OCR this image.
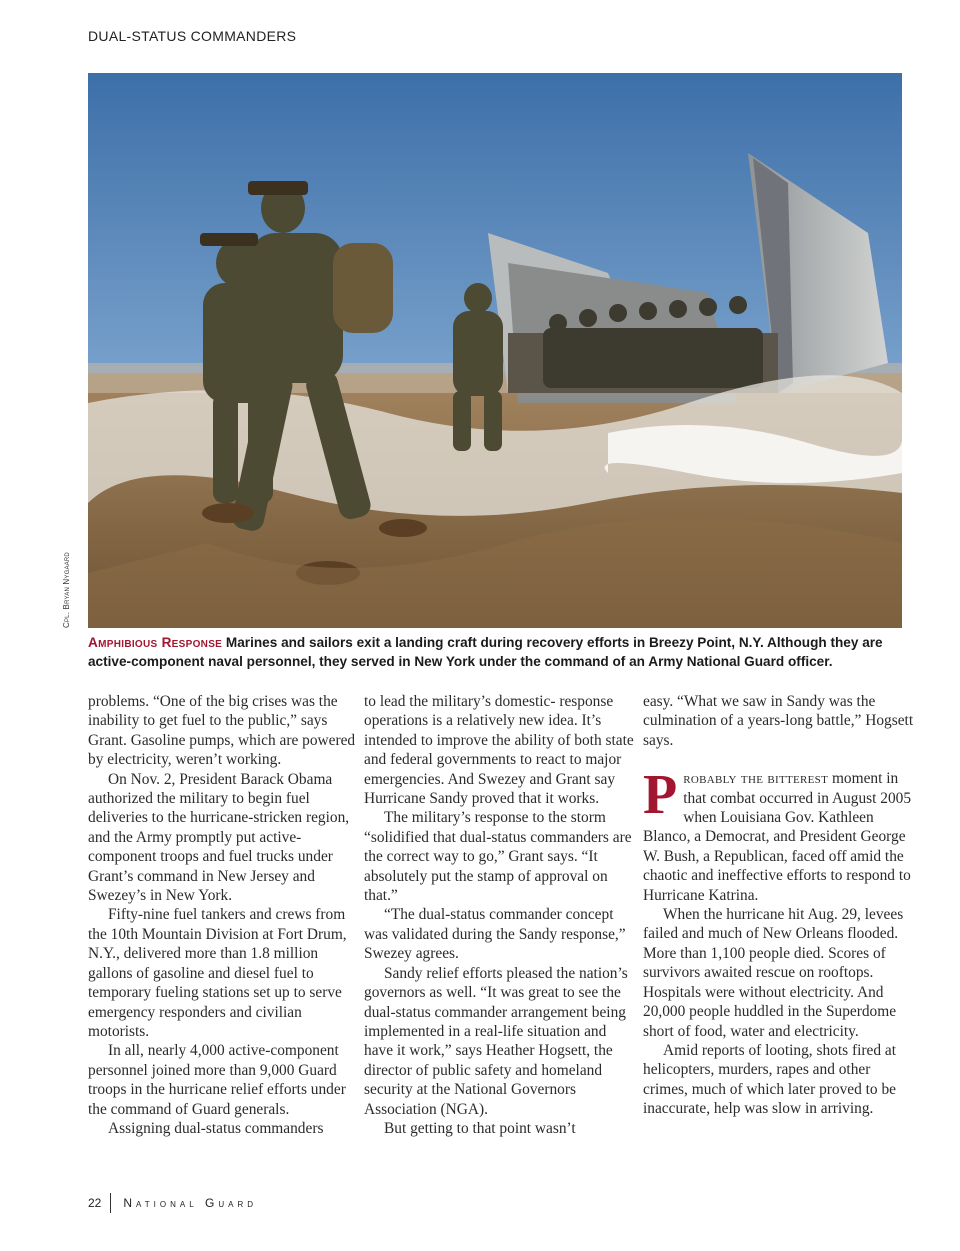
DUAL-STATUS COMMANDERS
Cpl. Bryan Nygaard
Amphibious Response Marines and sailors exit a landing craft during recovery efforts in Breezy Point, N.Y. Although they are active-component naval personnel, they served in New York under the command of an Army National Guard officer.

problems. “One of the big crises was the inability to get fuel to the public,” says Grant. Gasoline pumps, which are powered by electricity, weren’t working.

On Nov. 2, President Barack Obama authorized the military to begin fuel deliveries to the hurricane-stricken region, and the Army promptly put active-component troops and fuel trucks under Grant’s command in New Jersey and Swezey’s in New York.

Fifty-nine fuel tankers and crews from the 10th Mountain Division at Fort Drum, N.Y., delivered more than 1.8 million gallons of gasoline and diesel fuel to temporary fueling stations set up to serve emergency responders and civilian motorists.

In all, nearly 4,000 active-component personnel joined more than 9,000 Guard troops in the hurricane relief efforts under the command of Guard generals.

Assigning dual-status commanders

to lead the military’s domestic- response operations is a relatively new idea. It’s intended to improve the ability of both state and federal governments to react to major emergencies. And Swezey and Grant say Hurricane Sandy proved that it works.

The military’s response to the storm “solidified that dual-status commanders are the correct way to go,” Grant says. “It absolutely put the stamp of approval on that.”

“The dual-status commander concept was validated during the Sandy response,” Swezey agrees.

Sandy relief efforts pleased the nation’s governors as well. “It was great to see the dual-status commander arrangement being implemented in a real-life situation and have it work,” says Heather Hogsett, the director of public safety and homeland security at the National Governors Association (NGA).

But getting to that point wasn’t

easy. “What we saw in Sandy was the culmination of a years-long battle,” Hogsett says.

Probably the bitterest moment in that combat occurred in August 2005 when Louisiana Gov. Kathleen Blanco, a Democrat, and President George W. Bush, a Republican, faced off amid the chaotic and ineffective efforts to respond to Hurricane Katrina.

When the hurricane hit Aug. 29, levees failed and much of New Orleans flooded. More than 1,100 people died. Scores of survivors awaited rescue on rooftops. Hospitals were without electricity. And 20,000 people huddled in the Superdome short of food, water and electricity.

Amid reports of looting, shots fired at helicopters, murders, rapes and other crimes, much of which later proved to be inaccurate, help was slow in arriving.

22 National Guard
